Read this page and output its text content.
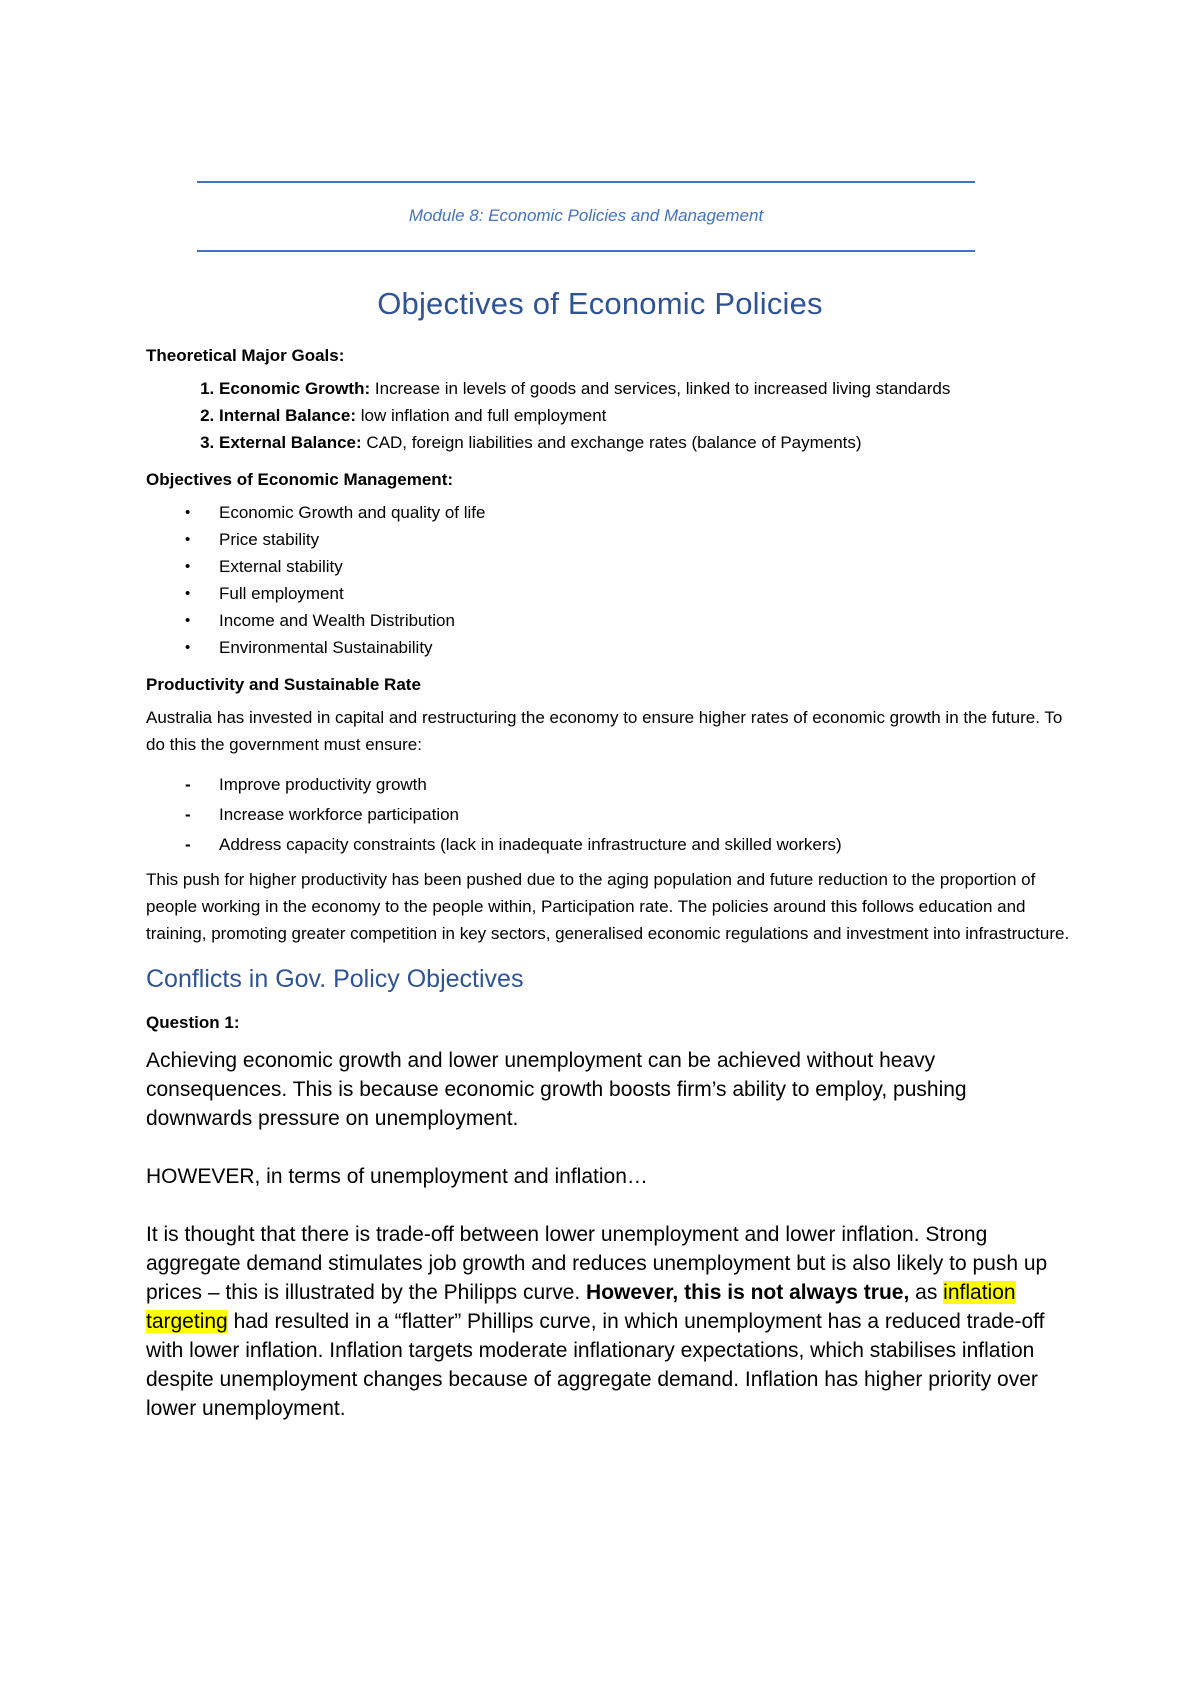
Module 8: Economic Policies and Management
Objectives of Economic Policies
Theoretical Major Goals:
1. Economic Growth: Increase in levels of goods and services, linked to increased living standards
2. Internal Balance: low inflation and full employment
3. External Balance: CAD, foreign liabilities and exchange rates (balance of Payments)
Objectives of Economic Management:
• Economic Growth and quality of life
• Price stability
• External stability
• Full employment
• Income and Wealth Distribution
• Environmental Sustainability
Productivity and Sustainable Rate

Australia has invested in capital and restructuring the economy to ensure higher rates of economic growth in the future. To do this the government must ensure:

- Improve productivity growth
- Increase workforce participation
- Address capacity constraints (lack in inadequate infrastructure and skilled workers)

This push for higher productivity has been pushed due to the aging population and future reduction to the proportion of people working in the economy to the people within, Participation rate. The policies around this follows education and training, promoting greater competition in key sectors, generalised economic regulations and investment into infrastructure.

Conflicts in Gov. Policy Objectives
Question 1:

Achieving economic growth and lower unemployment can be achieved without heavy consequences. This is because economic growth boosts firm’s ability to employ, pushing downwards pressure on unemployment.

HOWEVER, in terms of unemployment and inflation…

It is thought that there is trade-off between lower unemployment and lower inflation. Strong aggregate demand stimulates job growth and reduces unemployment but is also likely to push up prices – this is illustrated by the Philipps curve. However, this is not always true, as inflation targeting had resulted in a “flatter” Phillips curve, in which unemployment has a reduced trade-off with lower inflation. Inflation targets moderate inflationary expectations, which stabilises inflation despite unemployment changes because of aggregate demand. Inflation has higher priority over lower unemployment.
